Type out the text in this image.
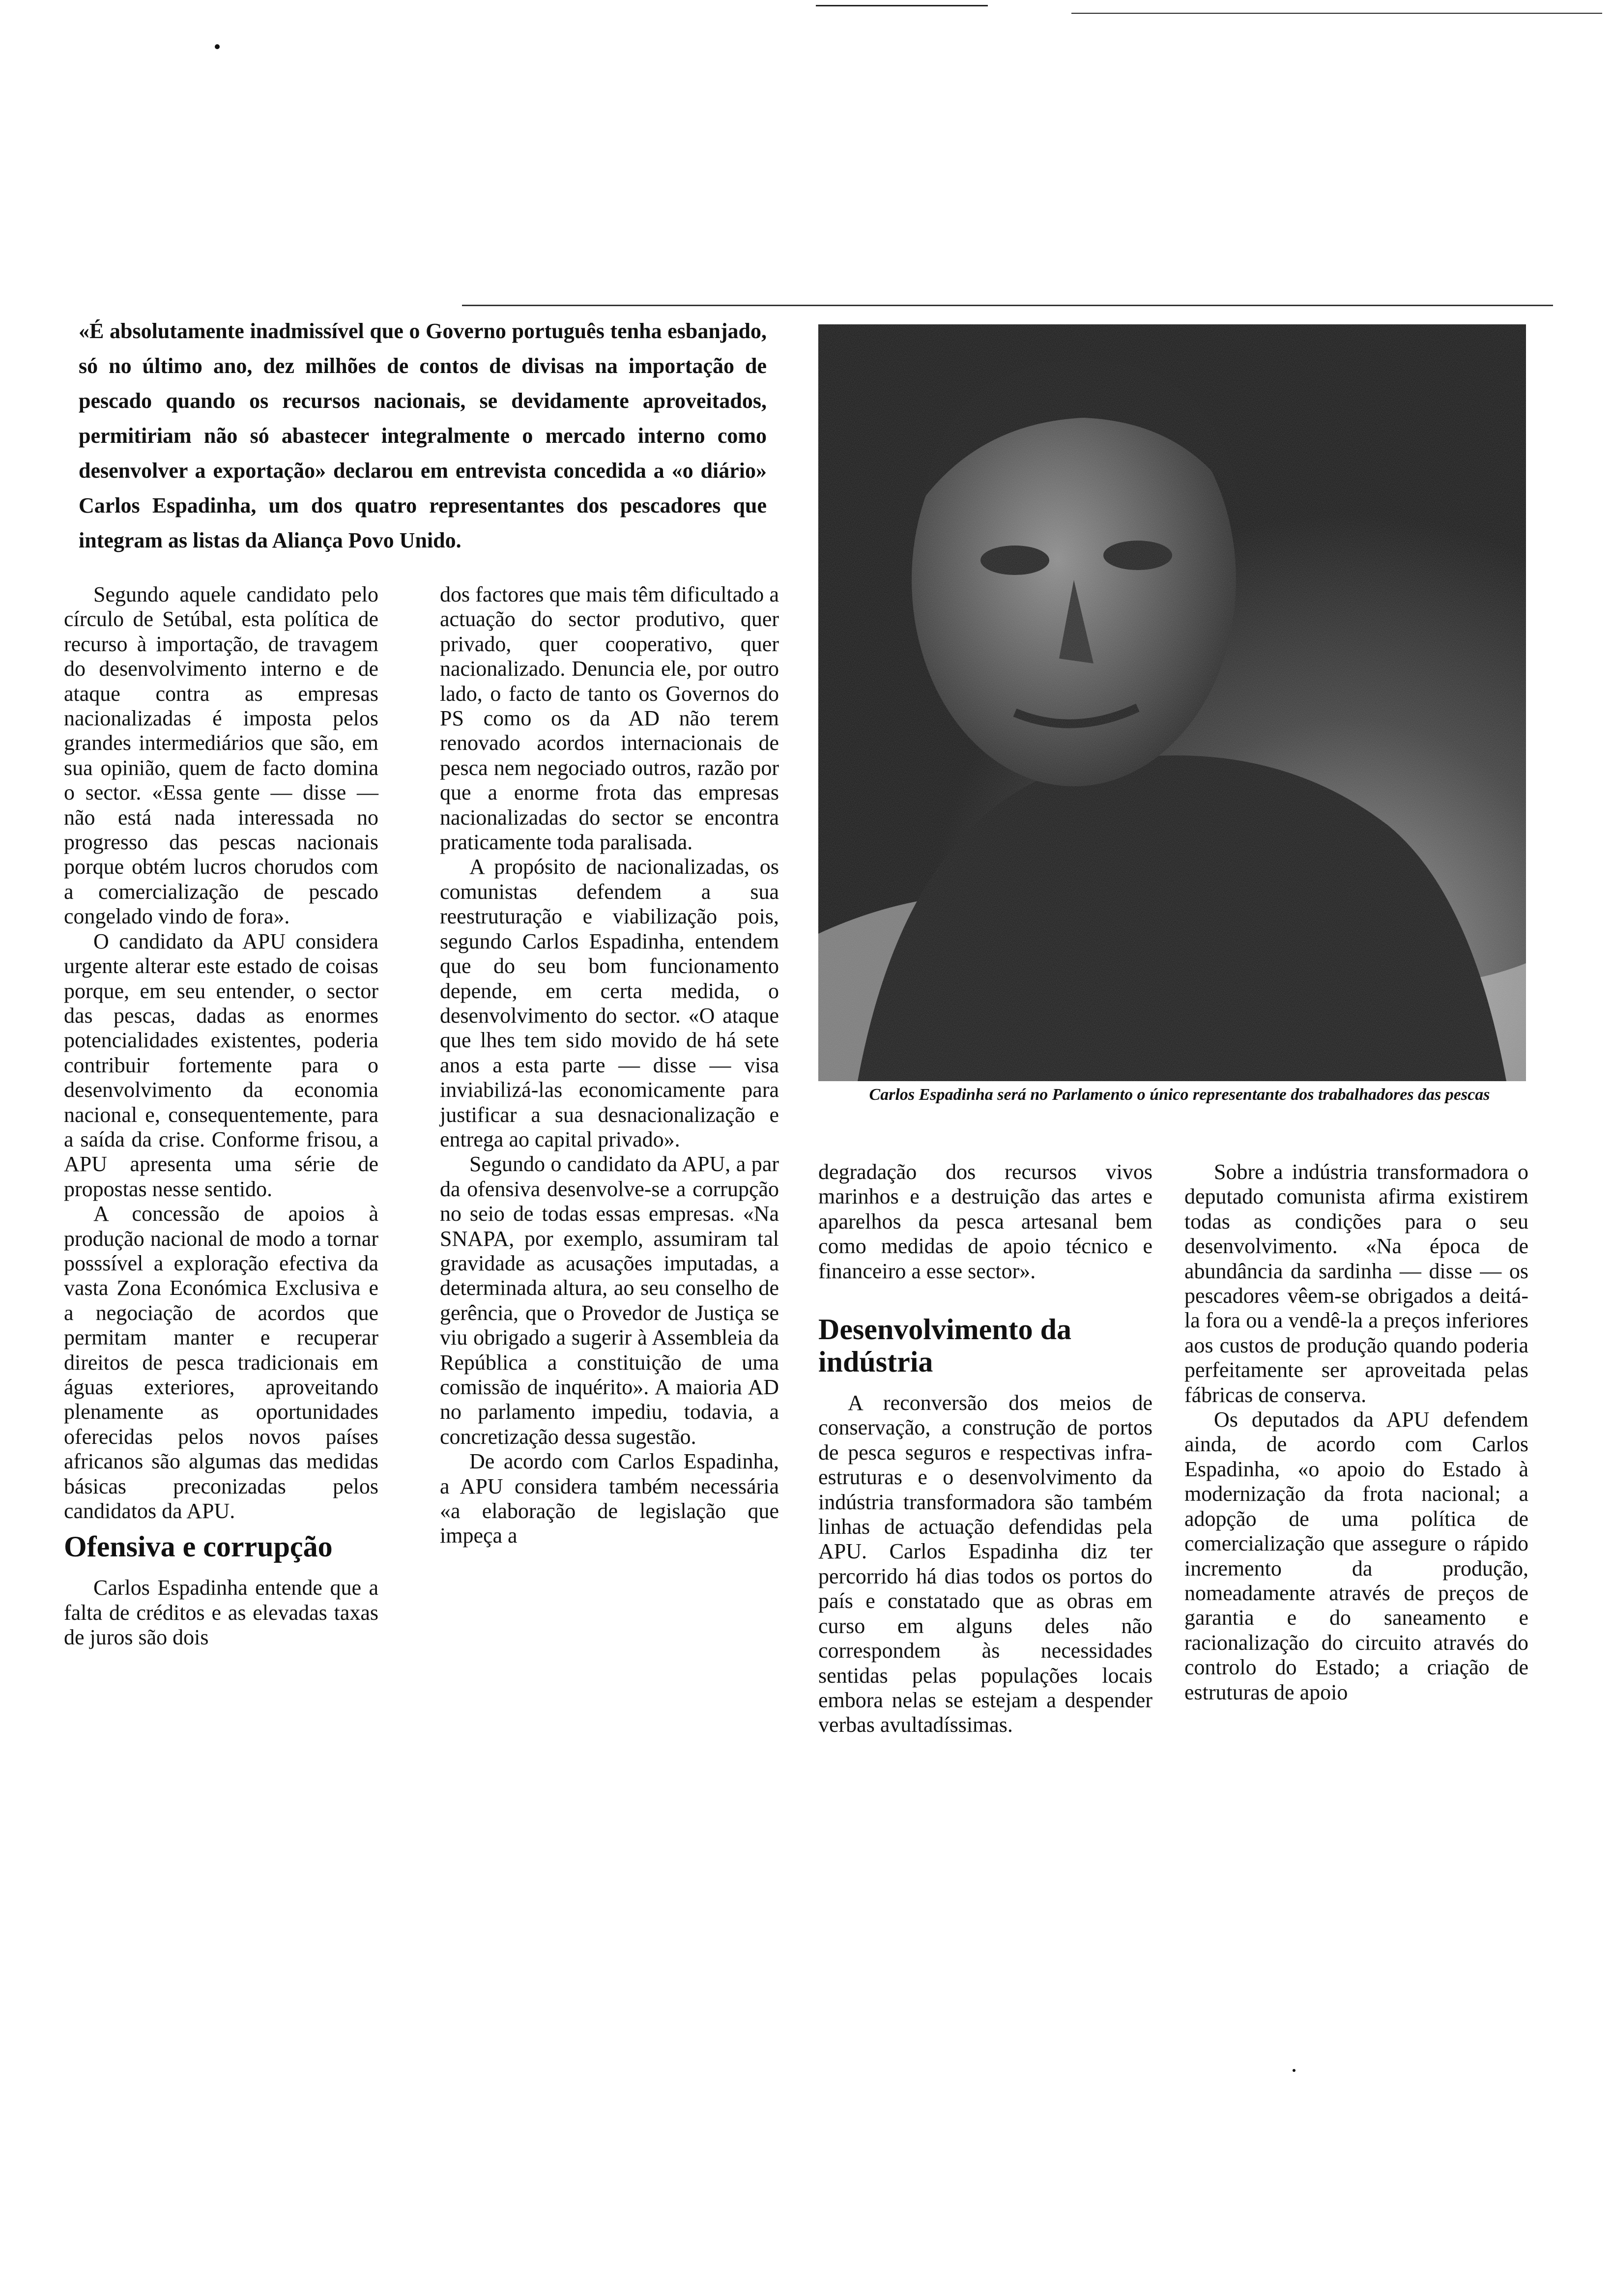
«É absolutamente inadmissível que o Governo português tenha esbanjado, só no último ano, dez milhões de contos de divisas na importação de pescado quando os recursos nacionais, se devidamente aproveitados, permitiriam não só abastecer integralmente o mercado interno como desenvolver a exportação» declarou em entrevista concedida a «o diário» Carlos Espadinha, um dos quatro representantes dos pescadores que integram as listas da Aliança Povo Unido.
Carlos Espadinha será no Parlamento o único representante dos trabalhadores das pescas

Segundo aquele candidato pelo círculo de Setúbal, esta política de recurso à importação, de travagem do desenvolvimento interno e de ataque contra as empresas nacionalizadas é imposta pelos grandes intermediários que são, em sua opinião, quem de facto domina o sector. «Essa gente — disse — não está nada interessada no progresso das pescas nacionais porque obtém lucros chorudos com a comercialização de pescado congelado vindo de fora».

O candidato da APU considera urgente alterar este estado de coisas porque, em seu entender, o sector das pescas, dadas as enormes potencialidades existentes, poderia contribuir fortemente para o desenvolvimento da economia nacional e, consequentemente, para a saída da crise. Conforme frisou, a APU apresenta uma série de propostas nesse sentido.

A concessão de apoios à produção nacional de modo a tornar posssível a exploração efectiva da vasta Zona Económica Exclusiva e a negociação de acordos que permitam manter e recuperar direitos de pesca tradicionais em águas exteriores, aproveitando plenamente as oportunidades oferecidas pelos novos países africanos são algumas das medidas básicas preconizadas pelos candidatos da APU.

Ofensiva e corrupção

Carlos Espadinha entende que a falta de créditos e as elevadas taxas de juros são dois

dos factores que mais têm dificultado a actuação do sector produtivo, quer privado, quer cooperativo, quer nacionalizado. Denuncia ele, por outro lado, o facto de tanto os Governos do PS como os da AD não terem renovado acordos internacionais de pesca nem negociado outros, razão por que a enorme frota das empresas nacionalizadas do sector se encontra praticamente toda paralisada.

A propósito de nacionalizadas, os comunistas defendem a sua reestruturação e viabilização pois, segundo Carlos Espadinha, entendem que do seu bom funcionamento depende, em certa medida, o desenvolvimento do sector. «O ataque que lhes tem sido movido de há sete anos a esta parte — disse — visa inviabilizá-las economicamente para justificar a sua desnacionalização e entrega ao capital privado».

Segundo o candidato da APU, a par da ofensiva desenvolve-se a corrupção no seio de todas essas empresas. «Na SNAPA, por exemplo, assumiram tal gravidade as acusações imputadas, a determinada altura, ao seu conselho de gerência, que o Provedor de Justiça se viu obrigado a sugerir à Assembleia da República a constituição de uma comissão de inquérito». A maioria AD no parlamento impediu, todavia, a concretização dessa sugestão.

De acordo com Carlos Espadinha, a APU considera também necessária «a elaboração de legislação que impeça a

degradação dos recursos vivos marinhos e a destruição das artes e aparelhos da pesca artesanal bem como medidas de apoio técnico e financeiro a esse sector».

Desenvolvimento da indústria

A reconversão dos meios de conservação, a construção de portos de pesca seguros e respectivas infra-estruturas e o desenvolvimento da indústria transformadora são também linhas de actuação defendidas pela APU. Carlos Espadinha diz ter percorrido há dias todos os portos do país e constatado que as obras em curso em alguns deles não correspondem às necessidades sentidas pelas populações locais embora nelas se estejam a despender verbas avultadíssimas.

Sobre a indústria transformadora o deputado comunista afirma existirem todas as condições para o seu desenvolvimento. «Na época de abundância da sardinha — disse — os pescadores vêem-se obrigados a deitá-la fora ou a vendê-la a preços inferiores aos custos de produção quando poderia perfeitamente ser aproveitada pelas fábricas de conserva.

Os deputados da APU defendem ainda, de acordo com Carlos Espadinha, «o apoio do Estado à modernização da frota nacional; a adopção de uma política de comercialização que assegure o rápido incremento da produção, nomeadamente através de preços de garantia e do saneamento e racionalização do circuito através do controlo do Estado; a criação de estruturas de apoio
